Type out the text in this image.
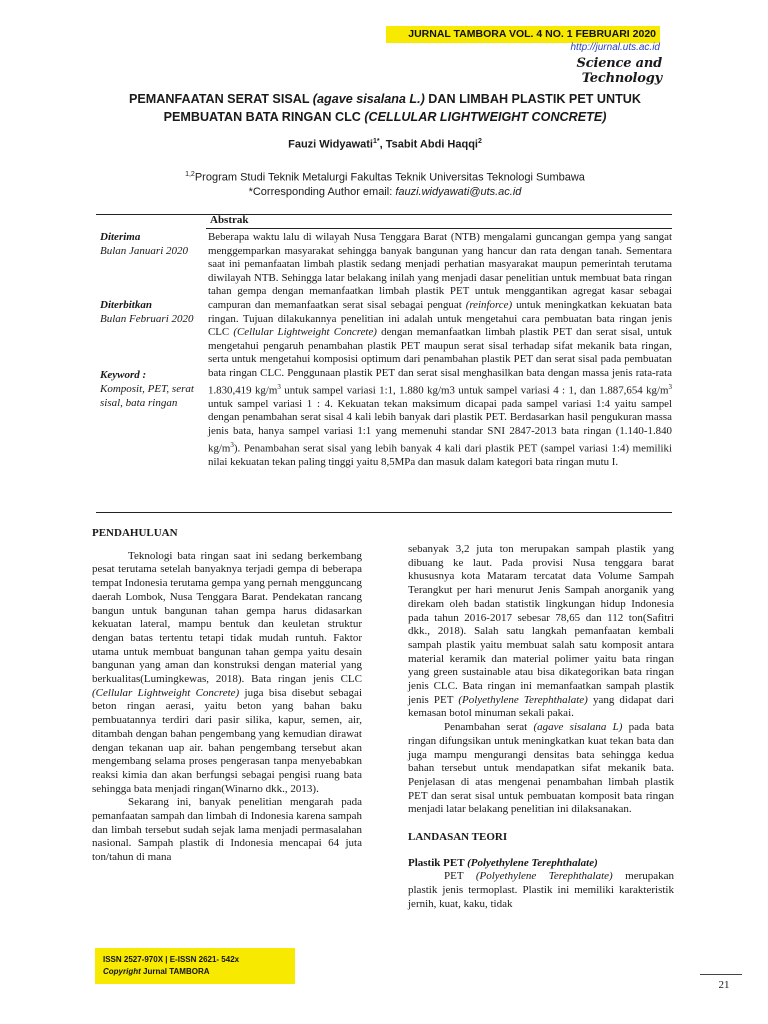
JURNAL TAMBORA VOL. 4 NO. 1 FEBRUARI 2020
http://jurnal.uts.ac.id
Science and Technology
PEMANFAATAN SERAT SISAL (agave sisalana L.) DAN LIMBAH PLASTIK PET UNTUK
PEMBUATAN BATA RINGAN CLC (CELLULAR LIGHTWEIGHT CONCRETE)
Fauzi Widyawati$^{1*}$, Tsabit Abdi Haqqi$^2$
$^{1,2}$Program Studi Teknik Metalurgi Fakultas Teknik Universitas Teknologi Sumbawa
*Corresponding Author email: fauzi.widyawati@uts.ac.id
Abstrak
Diterima
Bulan Januari 2020
Diterbitkan
Bulan Februari 2020
Keyword :
Komposit, PET, serat sisal, bata ringan
Beberapa waktu lalu di wilayah Nusa Tenggara Barat (NTB) mengalami guncangan gempa yang sangat menggemparkan masyarakat sehingga banyak bangunan yang hancur dan rata dengan tanah. Sementara saat ini pemanfaatan limbah plastik sedang menjadi perhatian masyarakat maupun pemerintah terutama diwilayah NTB. Sehingga latar belakang inilah yang menjadi dasar penelitian untuk membuat bata ringan tahan gempa dengan memanfaatkan limbah plastik PET untuk menggantikan agregat kasar sebagai campuran dan memanfaatkan serat sisal sebagai penguat (reinforce) untuk meningkatkan kekuatan bata ringan. Tujuan dilakukannya penelitian ini adalah untuk mengetahui cara pembuatan bata ringan jenis CLC (Cellular Lightweight Concrete) dengan memanfaatkan limbah plastik PET dan serat sisal, untuk mengetahui pengaruh penambahan plastik PET maupun serat sisal terhadap sifat mekanik bata ringan, serta untuk mengetahui komposisi optimum dari penambahan plastik PET dan serat sisal pada pembuatan bata ringan CLC. Penggunaan plastik PET dan serat sisal menghasilkan bata dengan massa jenis rata-rata 1.830,419 $kg/m^3$ untuk sampel variasi 1:1, 1.880 kg/m3 untuk sampel variasi 4 : 1, dan 1.887,654 $kg/m^3$ untuk sampel variasi 1 : 4. Kekuatan tekan maksimum dicapai pada sampel variasi 1:4 yaitu sampel dengan penambahan serat sisal 4 kali lebih banyak dari plastik PET. Berdasarkan hasil pengukuran massa jenis bata, hanya sampel variasi 1:1 yang memenuhi standar SNI 2847-2013 bata ringan (1.140-1.840 $kg/m^3$). Penambahan serat sisal yang lebih banyak 4 kali dari plastik PET (sampel variasi 1:4) memiliki nilai kekuatan tekan paling tinggi yaitu 8,5MPa dan masuk dalam kategori bata ringan mutu I.

PENDAHULUAN

Teknologi bata ringan saat ini sedang berkembang pesat terutama setelah banyaknya terjadi gempa di beberapa tempat Indonesia terutama gempa yang pernah mengguncang daerah Lombok, Nusa Tenggara Barat. Pendekatan rancang bangun untuk bangunan tahan gempa harus didasarkan kekuatan lateral, mampu bentuk dan keuletan struktur dengan batas tertentu tetapi tidak mudah runtuh. Faktor utama untuk membuat bangunan tahan gempa yaitu desain bangunan yang aman dan konstruksi dengan material yang berkualitas(Lumingkewas, 2018). Bata ringan jenis CLC (Cellular Lightweight Concrete) juga bisa disebut sebagai beton ringan aerasi, yaitu beton yang bahan baku pembuatannya terdiri dari pasir silika, kapur, semen, air, ditambah dengan bahan pengembang yang kemudian dirawat dengan tekanan uap air. bahan pengembang tersebut akan mengembang selama proses pengerasan tanpa menyebabkan reaksi kimia dan akan berfungsi sebagai pengisi ruang bata sehingga bata menjadi ringan(Winarno dkk., 2013).

Sekarang ini, banyak penelitian mengarah pada pemanfaatan sampah dan limbah di Indonesia karena sampah dan limbah tersebut sudah sejak lama menjadi permasalahan nasional. Sampah plastik di Indonesia mencapai 64 juta ton/tahun di mana

sebanyak 3,2 juta ton merupakan sampah plastik yang dibuang ke laut. Pada provisi Nusa tenggara barat khususnya kota Mataram tercatat data Volume Sampah Terangkut per hari menurut Jenis Sampah anorganik yang direkam oleh badan statistik lingkungan hidup Indonesia pada tahun 2016-2017 sebesar 78,65 dan 112 ton(Safitri dkk., 2018). Salah satu langkah pemanfaatan kembali sampah plastik yaitu membuat salah satu komposit antara material keramik dan material polimer yaitu bata ringan yang green sustainable atau bisa dikategorikan bata ringan jenis CLC. Bata ringan ini memanfaatkan sampah plastik jenis PET (Polyethylene Terephthalate) yang didapat dari kemasan botol minuman sekali pakai.

Penambahan serat (agave sisalana L) pada bata ringan difungsikan untuk meningkatkan kuat tekan bata dan juga mampu mengurangi densitas bata sehingga kedua bahan tersebut untuk mendapatkan sifat mekanik bata. Penjelasan di atas mengenai penambahan limbah plastik PET dan serat sisal untuk pembuatan komposit bata ringan menjadi latar belakang penelitian ini dilaksanakan.

LANDASAN TEORI

Plastik PET (Polyethylene Terephthalate)

PET (Polyethylene Terephthalate) merupakan plastik jenis termoplast. Plastik ini memiliki karakteristik jernih, kuat, kaku, tidak

ISSN 2527-970X | E-ISSN 2621- 542x
Copyright Jurnal TAMBORA
21
